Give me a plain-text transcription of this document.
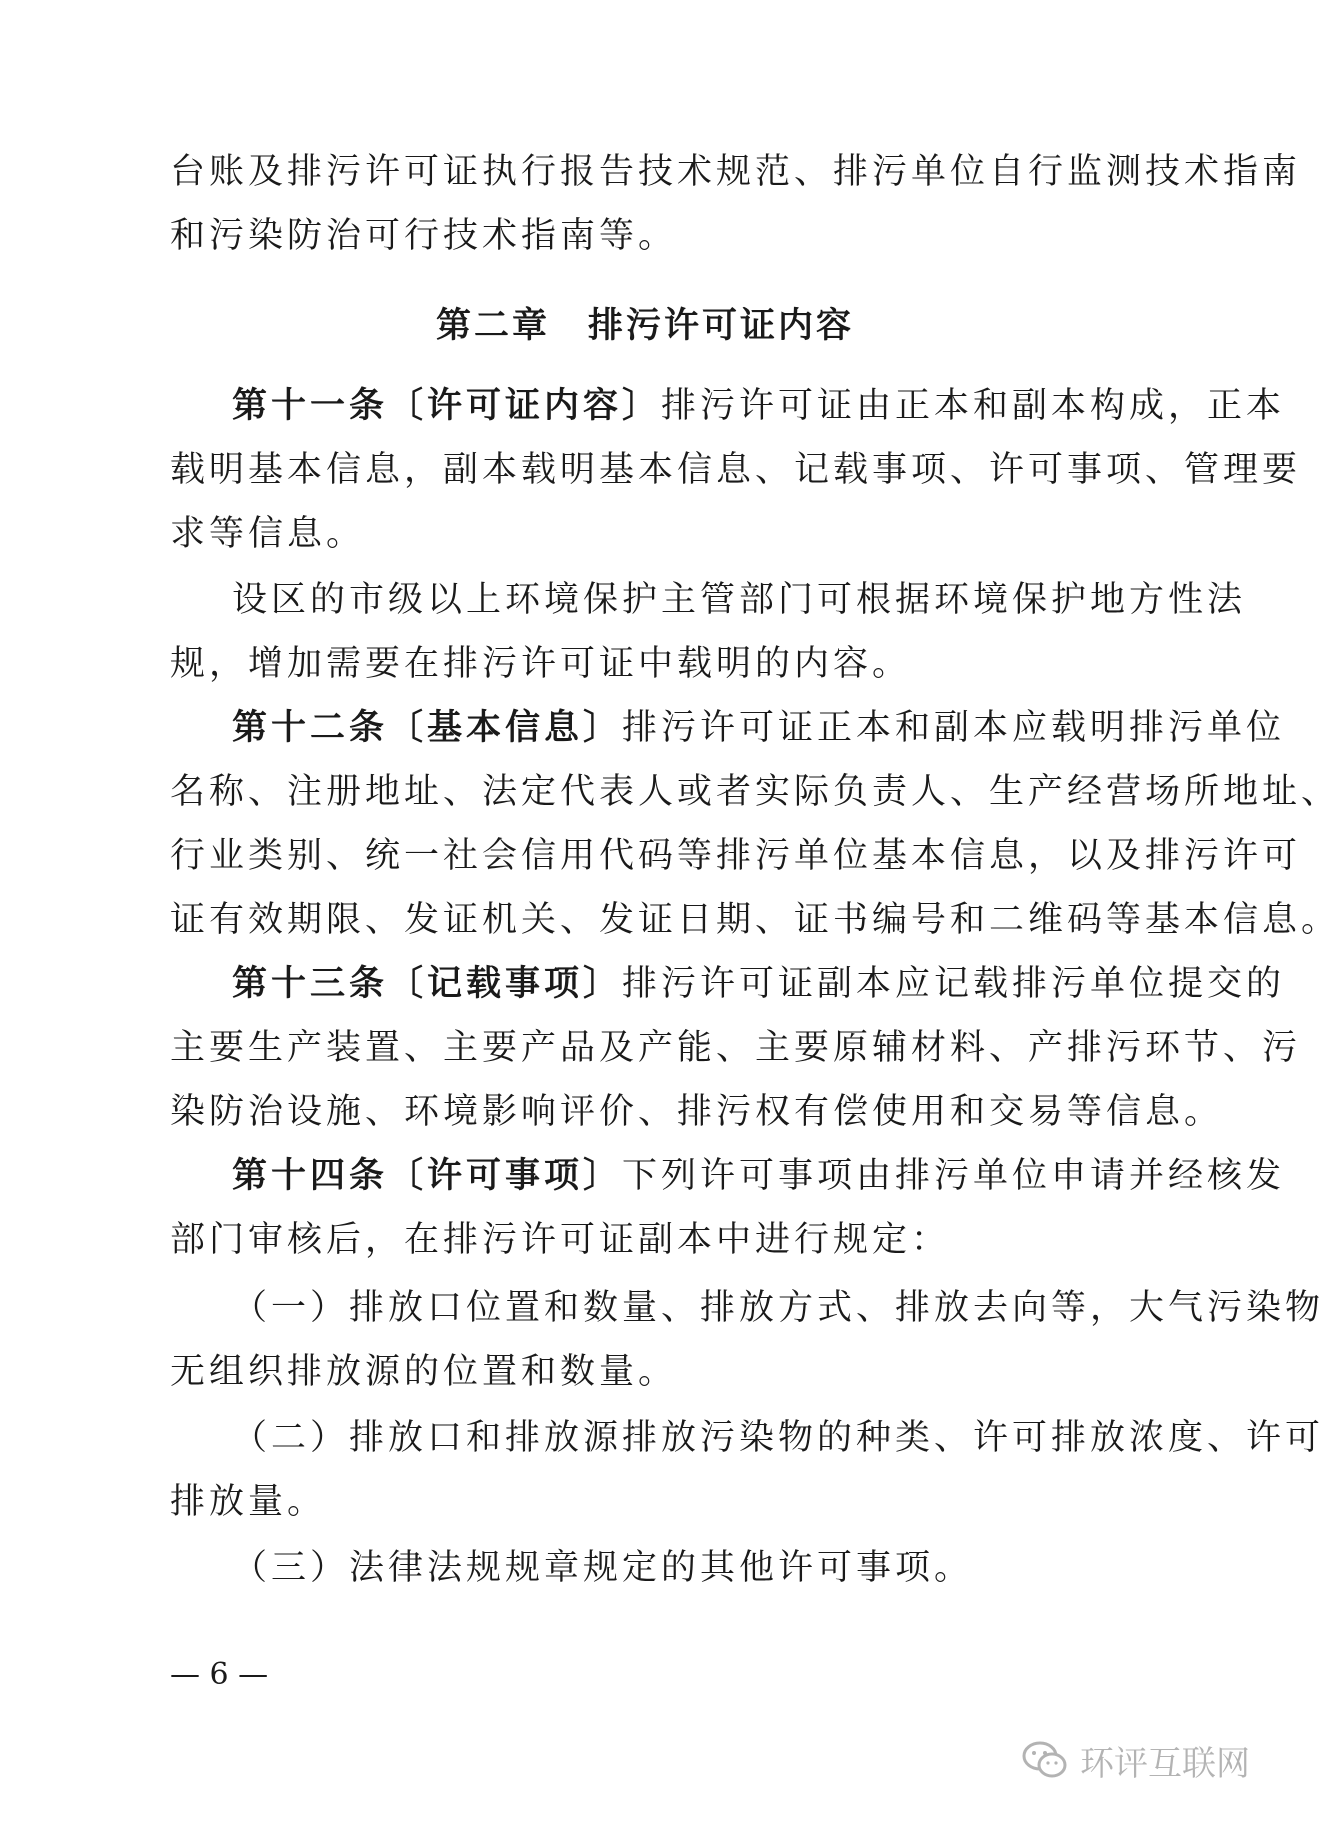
台账及排污许可证执行报告技术规范、排污单位自行监测技术指南
和污染防治可行技术指南等。
第二章　 排污许可证内容
第十一条〔许可证内容〕排污许可证由正本和副本构成，正本
载明基本信息，副本载明基本信息、记载事项、许可事项、管理要
求等信息。
设区的市级以上环境保护主管部门可根据环境保护地方性法
规，增加需要在排污许可证中载明的内容。
第十二条〔基本信息〕排污许可证正本和副本应载明排污单位
名称、注册地址、法定代表人或者实际负责人、生产经营场所地址、
行业类别、统一社会信用代码等排污单位基本信息，以及排污许可
证有效期限、发证机关、发证日期、证书编号和二维码等基本信息。
第十三条〔记载事项〕排污许可证副本应记载排污单位提交的
主要生产装置、主要产品及产能、主要原辅材料、产排污环节、污
染防治设施、环境影响评价、排污权有偿使用和交易等信息。
第十四条〔许可事项〕下列许可事项由排污单位申请并经核发
部门审核后，在排污许可证副本中进行规定：
（一）排放口位置和数量、排放方式、排放去向等，大气污染物
无组织排放源的位置和数量。
（二）排放口和排放源排放污染物的种类、许可排放浓度、许可
排放量。
（三）法律法规规章规定的其他许可事项。
— 6 —
环评互联网
